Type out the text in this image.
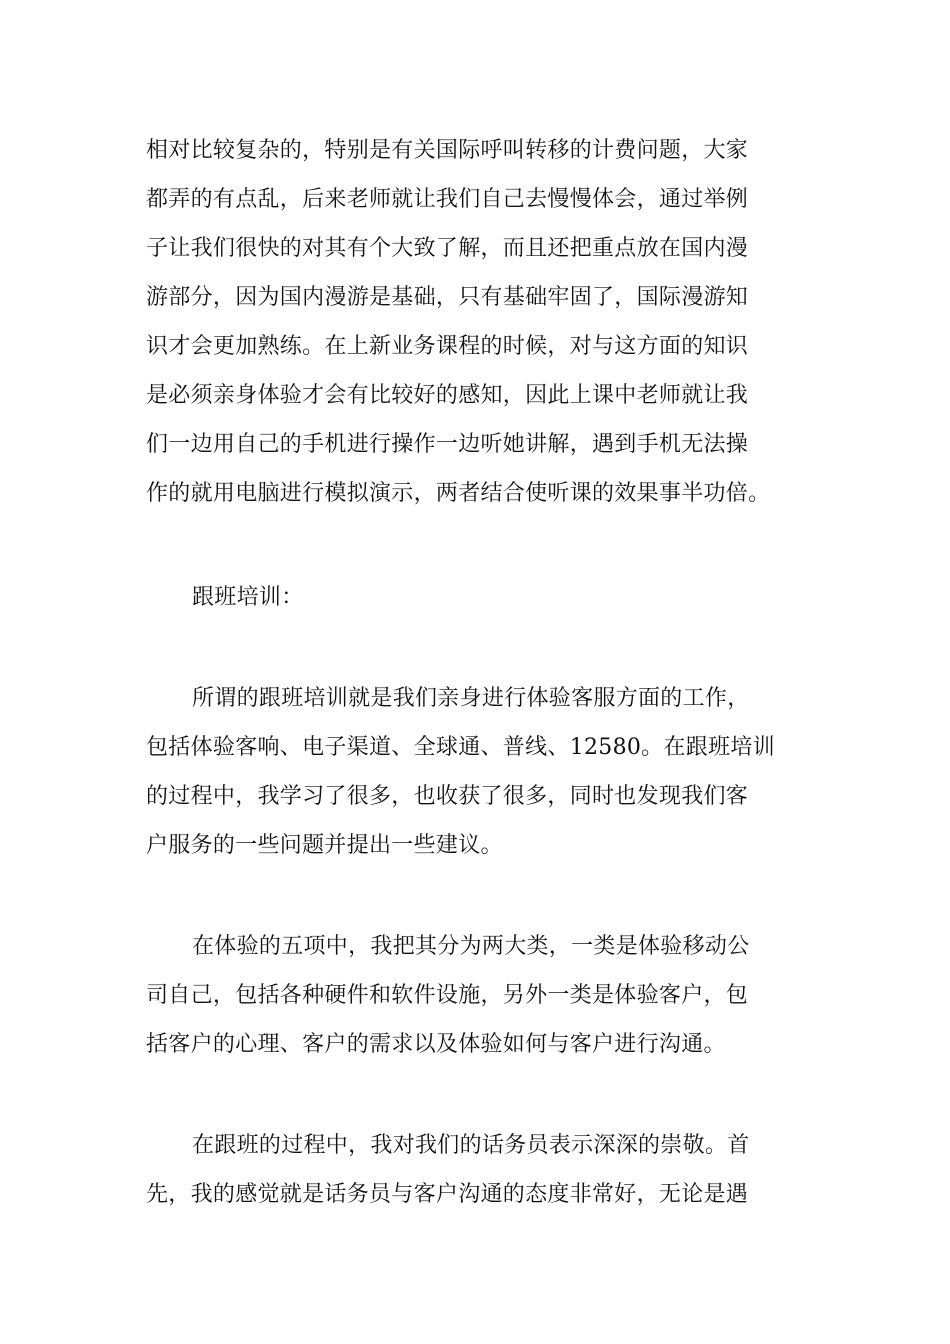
相对比较复杂的，特别是有关国际呼叫转移的计费问题，大家
都弄的有点乱，后来老师就让我们自己去慢慢体会，通过举例
子让我们很快的对其有个大致了解，而且还把重点放在国内漫
游部分，因为国内漫游是基础，只有基础牢固了，国际漫游知
识才会更加熟练。在上新业务课程的时候，对与这方面的知识
是必须亲身体验才会有比较好的感知，因此上课中老师就让我
们一边用自己的手机进行操作一边听她讲解，遇到手机无法操
作的就用电脑进行模拟演示，两者结合使听课的效果事半功倍。
跟班培训：
所谓的跟班培训就是我们亲身进行体验客服方面的工作，
包括体验客响、电子渠道、全球通、普线、12580。在跟班培训
的过程中，我学习了很多，也收获了很多，同时也发现我们客
户服务的一些问题并提出一些建议。
在体验的五项中，我把其分为两大类，一类是体验移动公
司自己，包括各种硬件和软件设施，另外一类是体验客户，包
括客户的心理、客户的需求以及体验如何与客户进行沟通。
在跟班的过程中，我对我们的话务员表示深深的崇敬。首
先，我的感觉就是话务员与客户沟通的态度非常好，无论是遇
